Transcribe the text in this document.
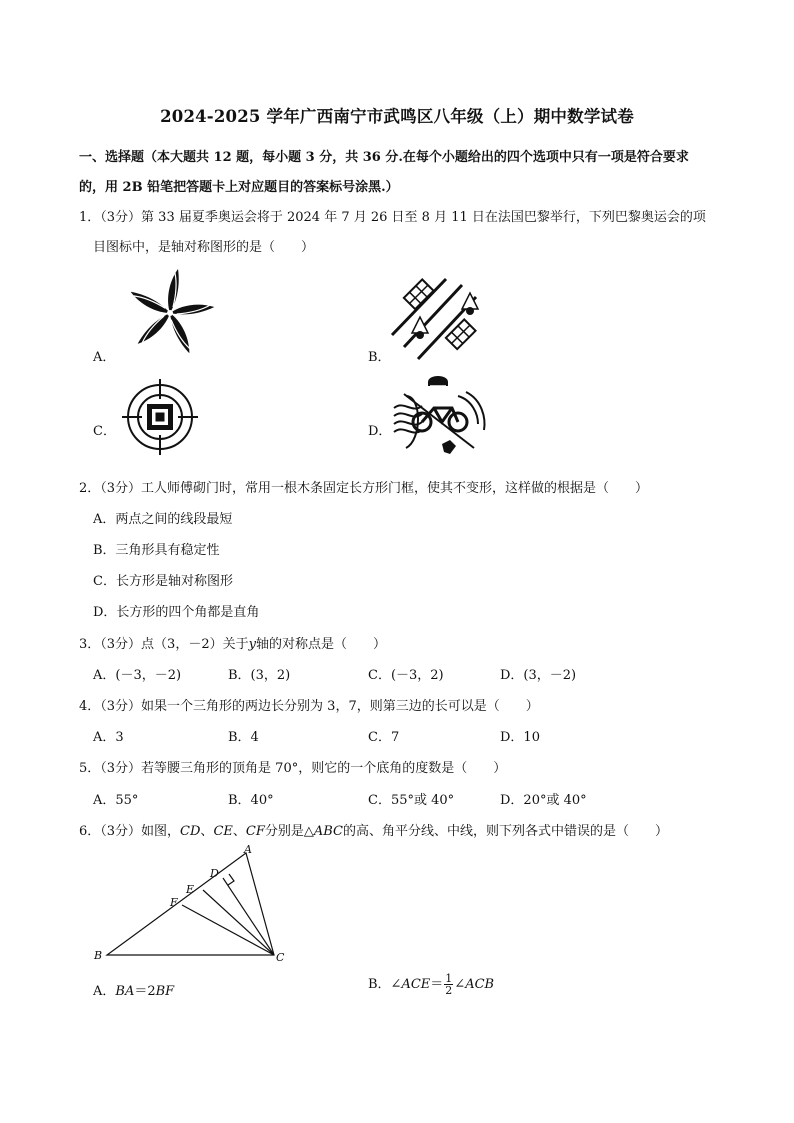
2024-2025 学年广西南宁市武鸣区八年级（上）期中数学试卷
一、选择题（本大题共 12 题，每小题 3 分，共 36 分.在每个小题给出的四个选项中只有一项是符合要求
的，用 2B 铅笔把答题卡上对应题目的答案标号涂黑.）
1．（3分）第 33 届夏季奥运会将于 2024 年 7 月 26 日至 8 月 11 日在法国巴黎举行，下列巴黎奥运会的项
目图标中，是轴对称图形的是（　　）
A．	B．
C．	D．
2．（3分）工人师傅砌门时，常用一根木条固定长方形门框，使其不变形，这样做的根据是（　　）
A．两点之间的线段最短
B．三角形具有稳定性
C．长方形是轴对称图形
D．长方形的四个角都是直角
3．（3分）点（3，－2）关于y轴的对称点是（　　）
A．(－3，－2)	B．(3，2)	C．(－3，2)	D．(3，－2)
4．（3分）如果一个三角形的两边长分别为 3，7，则第三边的长可以是（　　）
A．3	B．4	C．7	D．10
5．（3分）若等腰三角形的顶角是 70°，则它的一个底角的度数是（　　）
A．55°	B．40°	C．55°或 40°	D．20°或 40°
6．（3分）如图，CD、CE、CF分别是△ABC的高、角平分线、中线，则下列各式中错误的是（　　）
A
D
E
F
B	C
A．BA＝2BF	B．∠ACE＝ $\frac{1}{2}$ ∠ACB
